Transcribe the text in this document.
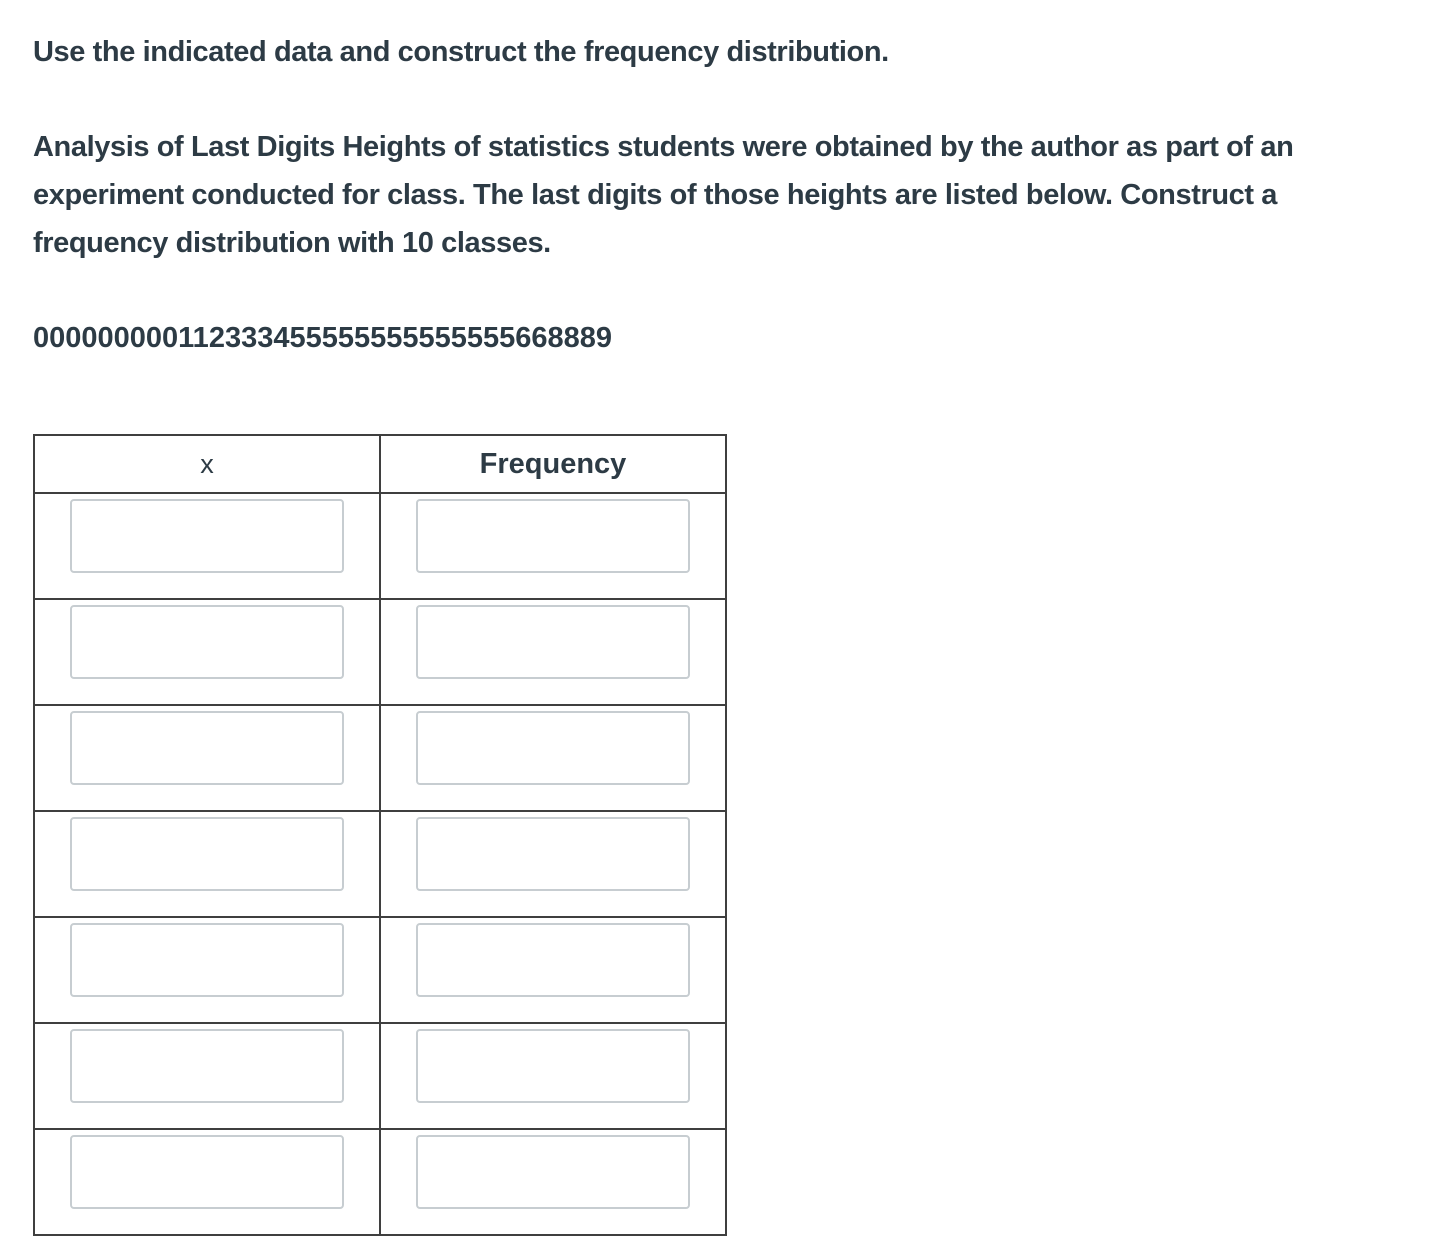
Use the indicated data and construct the frequency distribution.

Analysis of Last Digits Heights of statistics students were obtained by the author as part of an experiment conducted for class. The last digits of those heights are listed below. Construct a frequency distribution with 10 classes.

000000000112333455555555555555668889

x	Frequency
